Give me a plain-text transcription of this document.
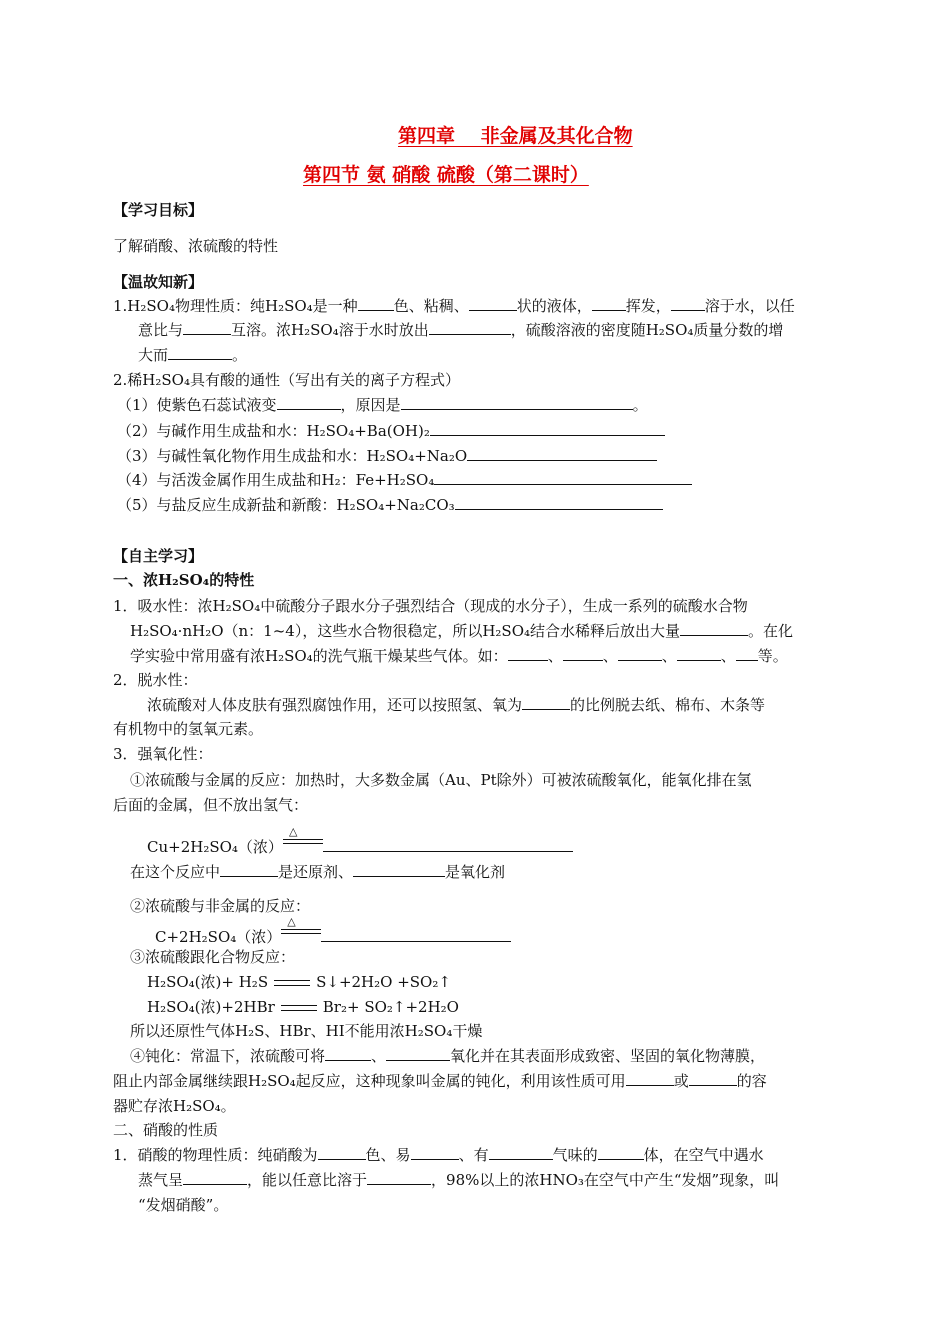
第四章　 非金属及其化合物
第四节 氨 硝酸 硫酸（第二课时）
【学习目标】
了解硝酸、浓硫酸的特性
【温故知新】
1.H₂SO₄物理性质：纯H₂SO₄是一种 色、粘稠、	状的液体， 挥发， 溶于水，以任
意比与	互溶。浓H₂SO₄溶于水时放出	，硫酸溶液的密度随H₂SO₄质量分数的增
大而	。
2.稀H₂SO₄具有酸的通性（写出有关的离子方程式）
（1）使紫色石蕊试液变	，原因是	。
（2）与碱作用生成盐和水：H₂SO₄+Ba(OH)₂
（3）与碱性氧化物作用生成盐和水：H₂SO₄+Na₂O
（4）与活泼金属作用生成盐和H₂：Fe+H₂SO₄
（5）与盐反应生成新盐和新酸：H₂SO₄+Na₂CO₃
【自主学习】
一、浓H₂SO₄的特性
1．吸水性：浓H₂SO₄中硫酸分子跟水分子强烈结合（现成的水分子），生成一系列的硫酸水合物
H₂SO₄·nH₂O（n：1~4），这些水合物很稳定，所以H₂SO₄结合水稀释后放出大量	。在化
学实验中常用盛有浓H₂SO₄的洗气瓶干燥某些气体。如：	、	、	、	、 等。
2．脱水性：
浓硫酸对人体皮肤有强烈腐蚀作用，还可以按照氢、氧为	的比例脱去纸、棉布、木条等
有机物中的氢氧元素。
3．强氧化性：
①浓硫酸与金属的反应：加热时，大多数金属（Au、Pt除外）可被浓硫酸氧化，能氧化排在氢
后面的金属，但不放出氢气：
Cu+2H₂SO₄（浓）
△
在这个反应中	是还原剂、	是氧化剂
②浓硫酸与非金属的反应：
C+2H₂SO₄（浓）
△
③浓硫酸跟化合物反应：
H₂SO₄(浓)+ H₂S	S↓+2H₂O +SO₂↑
H₂SO₄(浓)+2HBr	Br₂+ SO₂↑+2H₂O
所以还原性气体H₂S、HBr、HI不能用浓H₂SO₄干燥
④钝化：常温下，浓硫酸可将	、	氧化并在其表面形成致密、坚固的氧化物薄膜，
阻止内部金属继续跟H₂SO₄起反应，这种现象叫金属的钝化，利用该性质可用	或	的容
器贮存浓H₂SO₄。
二、硝酸的性质
1．硝酸的物理性质：纯硝酸为	色、易	、有	气味的	体，在空气中遇水
蒸气呈	，能以任意比溶于	，98%以上的浓HNO₃在空气中产生“发烟”现象，叫
“发烟硝酸”。
